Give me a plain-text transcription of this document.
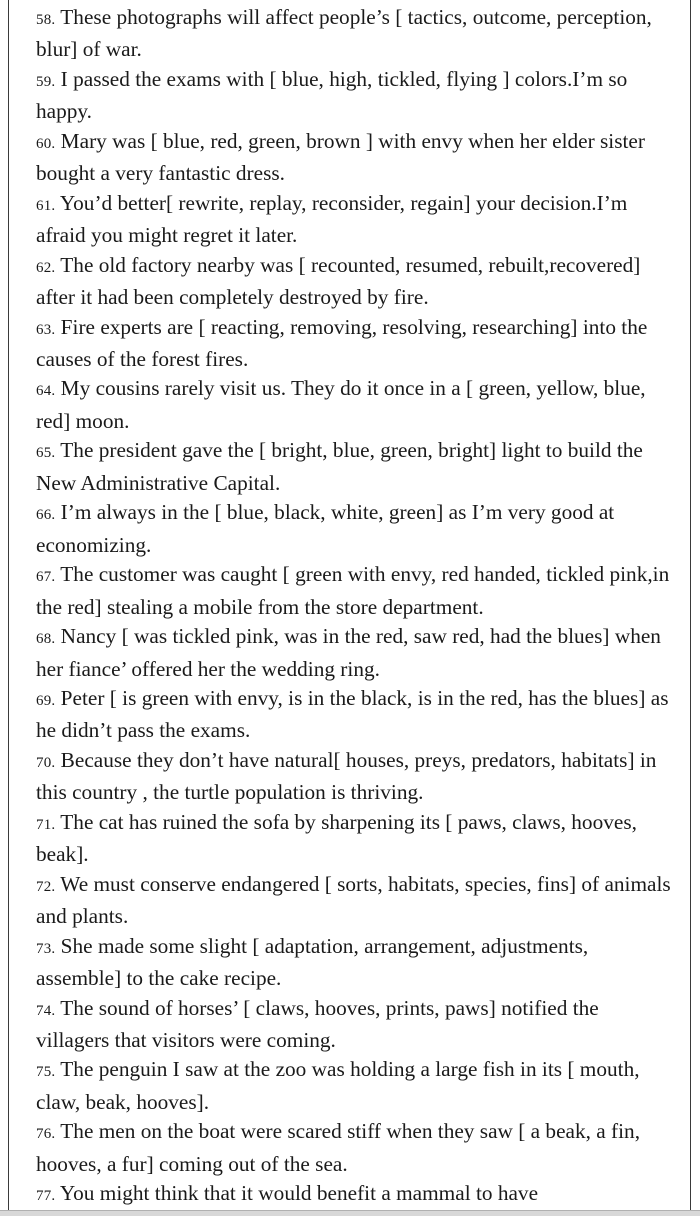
58. These photographs will affect people’s [ tactics, outcome, perception, blur] of war.

59. I passed the exams with [ blue, high, tickled, flying ] colors.I’m so happy.

60. Mary was [ blue, red, green, brown ] with envy when her elder sister bought a very fantastic dress.

61. You’d better[ rewrite, replay, reconsider, regain] your decision.I’m afraid you might regret it later.

62. The old factory nearby was [ recounted, resumed, rebuilt,recovered] after it had been completely destroyed by fire.

63. Fire experts are [ reacting, removing, resolving, researching] into the causes of the forest fires.

64. My cousins rarely visit us. They do it once in a [ green, yellow, blue, red] moon.

65. The president gave the [ bright, blue, green, bright] light to build the New Administrative Capital.

66. I’m always in the [ blue, black, white, green] as I’m very good at economizing.

67. The customer was caught [ green with envy, red handed, tickled pink,in the red] stealing a mobile from the store department.

68. Nancy [ was tickled pink, was in the red, saw red, had the blues] when her fiance’ offered her the wedding ring.

69. Peter [ is green with envy, is in the black, is in the red, has the blues] as he didn’t pass the exams.

70. Because they don’t have natural[ houses, preys, predators, habitats] in this country , the turtle population is thriving.

71. The cat has ruined the sofa by sharpening its [ paws, claws, hooves, beak].

72. We must conserve endangered [ sorts, habitats, species, fins] of animals and plants.

73. She made some slight [ adaptation, arrangement, adjustments, assemble] to the cake recipe.

74. The sound of horses’ [ claws, hooves, prints, paws] notified the villagers that visitors were coming.

75. The penguin I saw at the zoo was holding a large fish in its [ mouth, claw, beak, hooves].

76. The men on the boat were scared stiff when they saw [ a beak, a fin, hooves, a fur] coming out of the sea.

77. You might think that it would benefit a mammal to have
